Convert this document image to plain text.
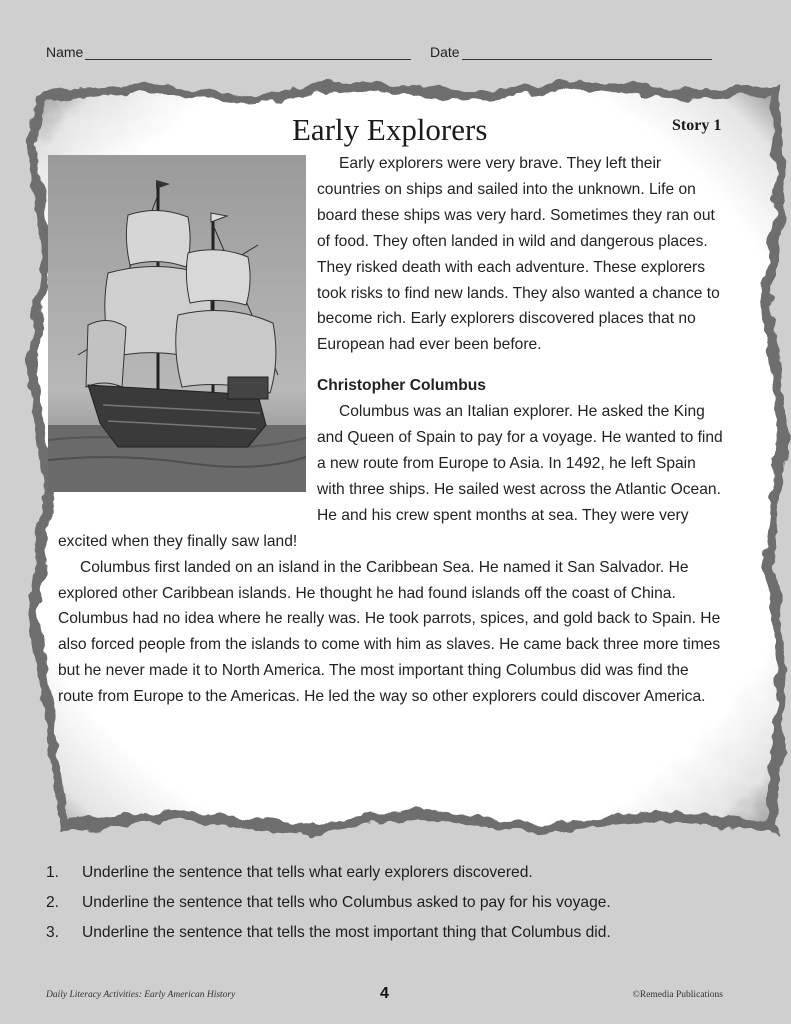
Name	Date
Early Explorers	Story 1

Early explorers were very brave. They left their countries on ships and sailed into the unknown. Life on board these ships was very hard. Sometimes they ran out of food. They often landed in wild and dangerous places. They risked death with each adventure. These explorers took risks to find new lands. They also wanted a chance to become rich. Early explorers discovered places that no European had ever been before.

Christopher Columbus

Columbus was an Italian explorer. He asked the King and Queen of Spain to pay for a voyage. He wanted to find a new route from Europe to Asia. In 1492, he left Spain with three ships. He sailed west across the Atlantic Ocean. He and his crew spent months at sea. They were very excited when they finally saw land!

Columbus first landed on an island in the Caribbean Sea. He named it San Salvador. He explored other Caribbean islands. He thought he had found islands off the coast of China. Columbus had no idea where he really was. He took parrots, spices, and gold back to Spain. He also forced people from the islands to come with him as slaves. He came back three more times but he never made it to North America. The most important thing Columbus did was find the route from Europe to the Americas. He led the way so other explorers could discover America.

1.	Underline the sentence that tells what early explorers discovered.
2.	Underline the sentence that tells who Columbus asked to pay for his voyage.
3.	Underline the sentence that tells the most important thing that Columbus did.
Daily Literacy Activities: Early American History	4	©Remedia Publications
